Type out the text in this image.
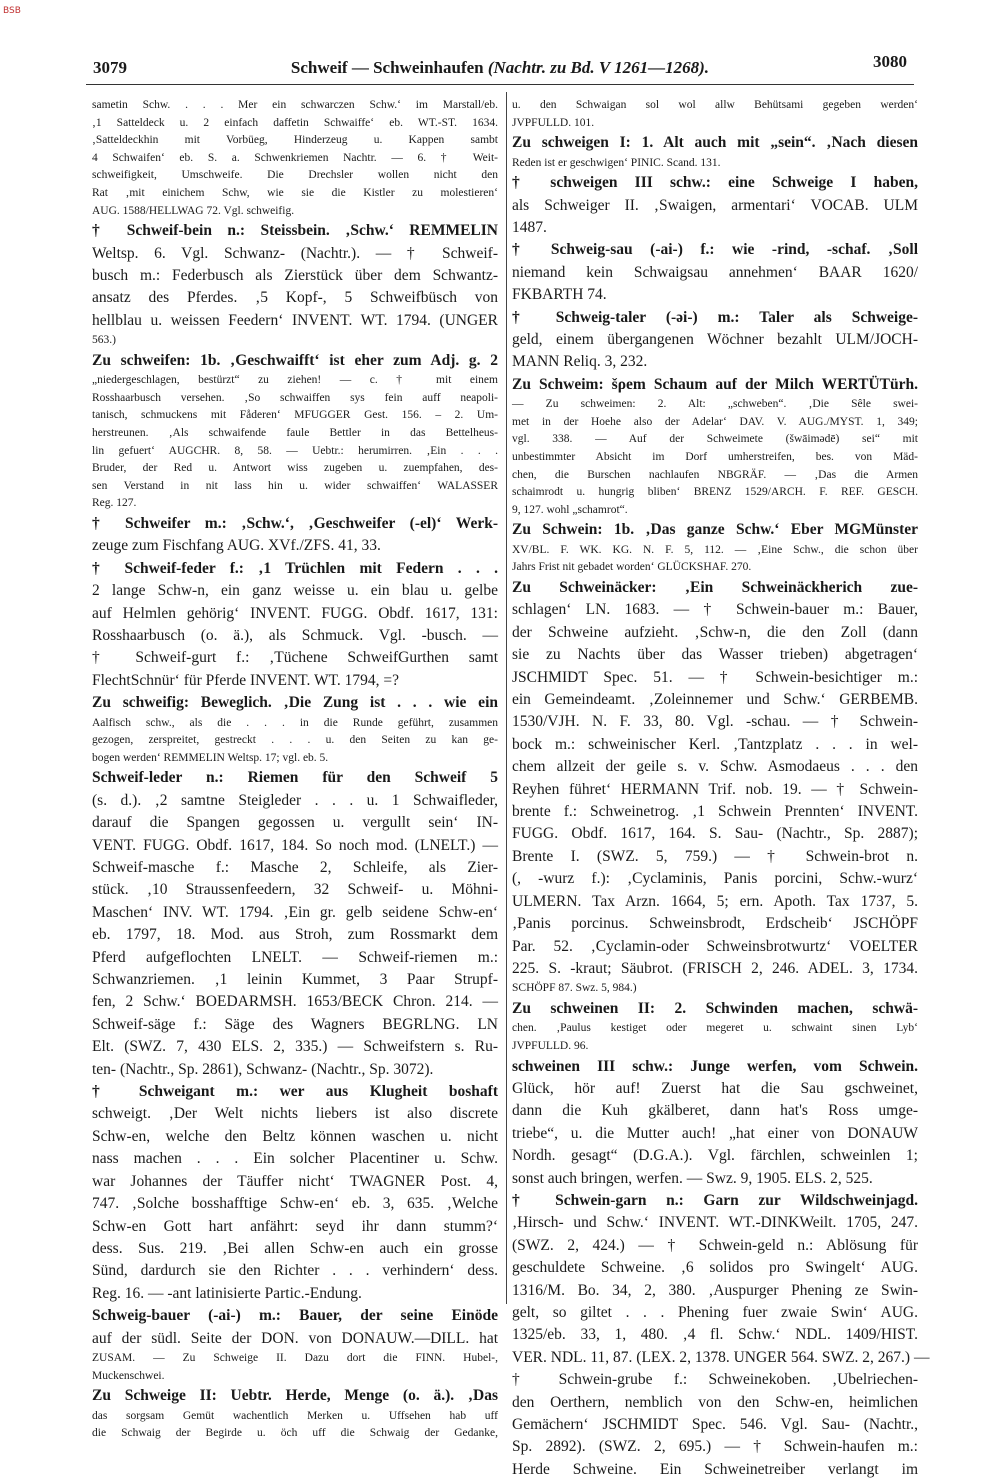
BSB
3079	Schweif — Schweinhaufen (Nachtr. zu Bd. V 1261—1268).	3080
sametin Schw. . . . Mer ein schwarczen Schw.‘ im Marstall/eb.
‚1 Satteldeck u. 2 einfach daffetin Schwaiffe‘ eb. WT.-ST. 1634.
‚Satteldeckhin mit Vorbüeg, Hinderzeug u. Kappen sambt
4 Schwaifen‘ eb. S. a. Schwenkriemen Nachtr. — 6. † Weit-
schweifigkeit, Umschweife. Die Drechsler wollen nicht den
Rat ‚mit einichem Schw, wie sie die Kistler zu molestieren‘
AUG. 1588/HELLWAG 72. Vgl. schweifig.
† Schweif-bein n.: Steissbein. ‚Schw.‘ REMMELIN
Weltsp. 6. Vgl. Schwanz- (Nachtr.). — † Schweif-
busch m.: Federbusch als Zierstück über dem Schwantz-
ansatz des Pferdes. ‚5 Kopf-, 5 Schweifbüsch von
hellblau u. weissen Feedern‘ INVENT. WT. 1794. (UNGER
563.)
Zu schweifen: 1b. ‚Geschwaifft‘ ist eher zum Adj. g. 2
„niedergeschlagen, bestürzt“ zu ziehen! — c. † mit einem
Rosshaarbusch versehen. ‚So schwaiffen sys fein auff neapoli-
tanisch, schmuckens mit Fåderen‘ MFUGGER Gest. 156. – 2. Um-
herstreunen. ‚Als schwaifende faule Bettler in das Bettelheus-
lin gefuert‘ AUGCHR. 8, 58. — Uebtr.: herumirren. ‚Ein . . .
Bruder, der Red u. Antwort wiss zugeben u. zuempfahen, des-
sen Verstand in nit lass hin u. wider schwaiffen‘ WALASSER
Reg. 127.
† Schweifer m.: ‚Schw.‘, ‚Geschweifer (-el)‘ Werk-
zeuge zum Fischfang AUG. XVf./ZFS. 41, 33.
† Schweif-feder f.: ‚1 Trüchlen mit Federn . . .
2 lange Schw-n, ein ganz weisse u. ein blau u. gelbe
auf Helmlen gehörig‘ INVENT. FUGG. Obdf. 1617, 131:
Rosshaarbusch (o. ä.), als Schmuck. Vgl. -busch. —
† Schweif-gurt f.: ‚Tüchene SchweifGurthen samt
FlechtSchnür‘ für Pferde INVENT. WT. 1794, =?
Zu schweifig: Beweglich. ‚Die Zung ist . . . wie ein
Aalfisch schw., als die . . . in die Runde geführt, zusammen
gezogen, zerspreitet, gestreckt . . . u. den Seiten zu kan ge-
bogen werden‘ REMMELIN Weltsp. 17; vgl. eb. 5.
Schweif-leder n.: Riemen für den Schweif 5
(s. d.). ‚2 samtne Steigleder . . . u. 1 Schwaifleder,
darauf die Spangen gegossen u. vergullt sein‘ IN-
VENT. FUGG. Obdf. 1617, 184. So noch mod. (LNELT.) —
Schweif-masche f.: Masche 2, Schleife, als Zier-
stück. ‚10 Straussenfeedern, 32 Schweif- u. Möhni-
Maschen‘ INV. WT. 1794. ‚Ein gr. gelb seidene Schw-en‘
eb. 1797, 18. Mod. aus Stroh, zum Rossmarkt dem
Pferd aufgeflochten LNELT. — Schweif-riemen m.:
Schwanzriemen. ‚1 leinin Kummet, 3 Paar Strupf-
fen, 2 Schw.‘ BOEDARMSH. 1653/BECK Chron. 214. —
Schweif-säge f.: Säge des Wagners BEGRLNG. LN
Elt. (SWZ. 7, 430 ELS. 2, 335.) — Schweifstern s. Ru-
ten- (Nachtr., Sp. 2861), Schwanz- (Nachtr., Sp. 3072).
† Schweigant m.: wer aus Klugheit boshaft
schweigt. ‚Der Welt nichts liebers ist also discrete
Schw-en, welche den Beltz können waschen u. nicht
nass machen . . . Ein solcher Placentiner u. Schw.
war Johannes der Täuffer nicht‘ TWAGNER Post. 4,
747. ‚Solche bosshafftige Schw-en‘ eb. 3, 635. ‚Welche
Schw-en Gott hart anfährt: seyd ihr dann stumm?‘
dess. Sus. 219. ‚Bei allen Schw-en auch ein grosse
Sünd, dardurch sie den Richter . . . verhindern‘ dess.
Reg. 16. — -ant latinisierte Partic.-Endung.
Schweig-bauer (-ai-) m.: Bauer, der seine Einöde
auf der südl. Seite der DON. von DONAUW.—DILL. hat
ZUSAM. — Zu Schweige II. Dazu dort die FINN. Hubel-,
Muckenschwei.
Zu Schweige II: Uebtr. Herde, Menge (o. ä.). ‚Das
das sorgsam Gemüt wachentlich Merken u. Uffsehen hab uff
die Schwaig der Begirde u. öch uff die Schwaig der Gedanke,
u. den Schwaigan sol wol allw Behütsami gegeben werden‘
JVPFULLD. 101.
Zu schweigen I: 1. Alt auch mit „sein“. ‚Nach diesen
Reden ist er geschwigen‘ PINIC. Scand. 131.
† schweigen III schw.: eine Schweige I haben,
als Schweiger II. ‚Swaigen, armentari‘ VOCAB. ULM
1487.
† Schweig-sau (-ai-) f.: wie -rind, -schaf. ‚Soll
niemand kein Schwaigsau annehmen‘ BAAR 1620/
FKBARTH 74.
† Schweig-taler (-əi-) m.: Taler als Schweige-
geld, einem übergangenen Wöchner bezahlt ULM/JOCH-
MANN Reliq. 3, 232.
Zu Schweim: šρem Schaum auf der Milch WERTÜTürh.
— Zu schweimen: 2. Alt: „schweben“. ‚Die Sêle swei-
met in der Hoehe also der Adelar‘ DAV. V. AUG./MYST. 1, 349;
vgl. 338. — Auf der Schweimete (šwāimədē) sei“ mit
unbestimmter Absicht im Dorf umherstreifen, bes. von Mäd-
chen, die Burschen nachlaufen NBGRÄF. — ‚Das die Armen
schaimrodt u. hungrig bliben‘ BRENZ 1529/ARCH. F. REF. GESCH.
9, 127. wohl „schamrot“.
Zu Schwein: 1b. ‚Das ganze Schw.‘ Eber MGMünster
XV/BL. F. WK. KG. N. F. 5, 112. — ‚Eine Schw., die schon über
Jahrs Frist nit gebadet worden‘ GLÜCKSHAF. 270.
Zu Schweinäcker: ‚Ein Schweinäckherich zue-
schlagen‘ LN. 1683. — † Schwein-bauer m.: Bauer,
der Schweine aufzieht. ‚Schw-n, die den Zoll (dann
sie zu Nachts über das Wasser trieben) abgetragen‘
JSCHMIDT Spec. 51. — † Schwein-besichtiger m.:
ein Gemeindeamt. ‚Zoleinnemer und Schw.‘ GERBEMB.
1530/VJH. N. F. 33, 80. Vgl. -schau. — † Schwein-
bock m.: schweinischer Kerl. ‚Tantzplatz . . . in wel-
chem allzeit der geile s. v. Schw. Asmodaeus . . . den
Reyhen führet‘ HERMANN Trif. nob. 19. — † Schwein-
brente f.: Schweinetrog. ‚1 Schwein Prennten‘ INVENT.
FUGG. Obdf. 1617, 164. S. Sau- (Nachtr., Sp. 2887);
Brente I. (SWZ. 5, 759.) — † Schwein-brot n.
(, -wurz f.): ‚Cyclaminis, Panis porcini, Schw.-wurz‘
ULMERN. Tax Arzn. 1664, 5; ern. Apoth. Tax 1737, 5.
‚Panis porcinus. Schweinsbrodt, Erdscheib‘ JSCHÖPF
Par. 52. ‚Cyclamin-oder Schweinsbrotwurtz‘ VOELTER
225. S. -kraut; Säubrot. (FRISCH 2, 246. ADEL. 3, 1734.
SCHÖPF 87. Swz. 5, 984.)
Zu schweinen II: 2. Schwinden machen, schwä-
chen. ‚Paulus kestiget oder megeret u. schwaint sinen Lyb‘
JVPFULLD. 96.
schweinen III schw.: Junge werfen, vom Schwein.
Glück, hör auf! Zuerst hat die Sau gschweinet,
dann die Kuh gkälberet, dann hat's Ross umge-
triebe“, u. die Mutter auch! „hat einer von DONAUW
Nordh. gesagt“ (D.G.A.). Vgl. färchlen, schweinlen 1;
sonst auch bringen, werfen. — Swz. 9, 1905. ELS. 2, 525.
† Schwein-garn n.: Garn zur Wildschweinjagd.
‚Hirsch- und Schw.‘ INVENT. WT.-DINKWeilt. 1705, 247.
(SWZ. 2, 424.) — † Schwein-geld n.: Ablösung für
geschuldete Schweine. ‚6 solidos pro Swingelt‘ AUG.
1316/M. Bo. 34, 2, 380. ‚Auspurger Phening ze Swin-
gelt, so giltet . . . Phening fuer zwaie Swin‘ AUG.
1325/eb. 33, 1, 480. ‚4 fl. Schw.‘ NDL. 1409/HIST.
VER. NDL. 11, 87. (LEX. 2, 1378. UNGER 564. SWZ. 2, 267.) —
† Schwein-grube f.: Schweinekoben. ‚Ubelriechen-
den Oerthern, nemblich von den Schw-en, heimlichen
Gemächern‘ JSCHMIDT Spec. 546. Vgl. Sau- (Nachtr.,
Sp. 2892). (SWZ. 2, 695.) — † Schwein-haufen m.:
Herde Schweine. Ein Schweinetreiber verlangt im
